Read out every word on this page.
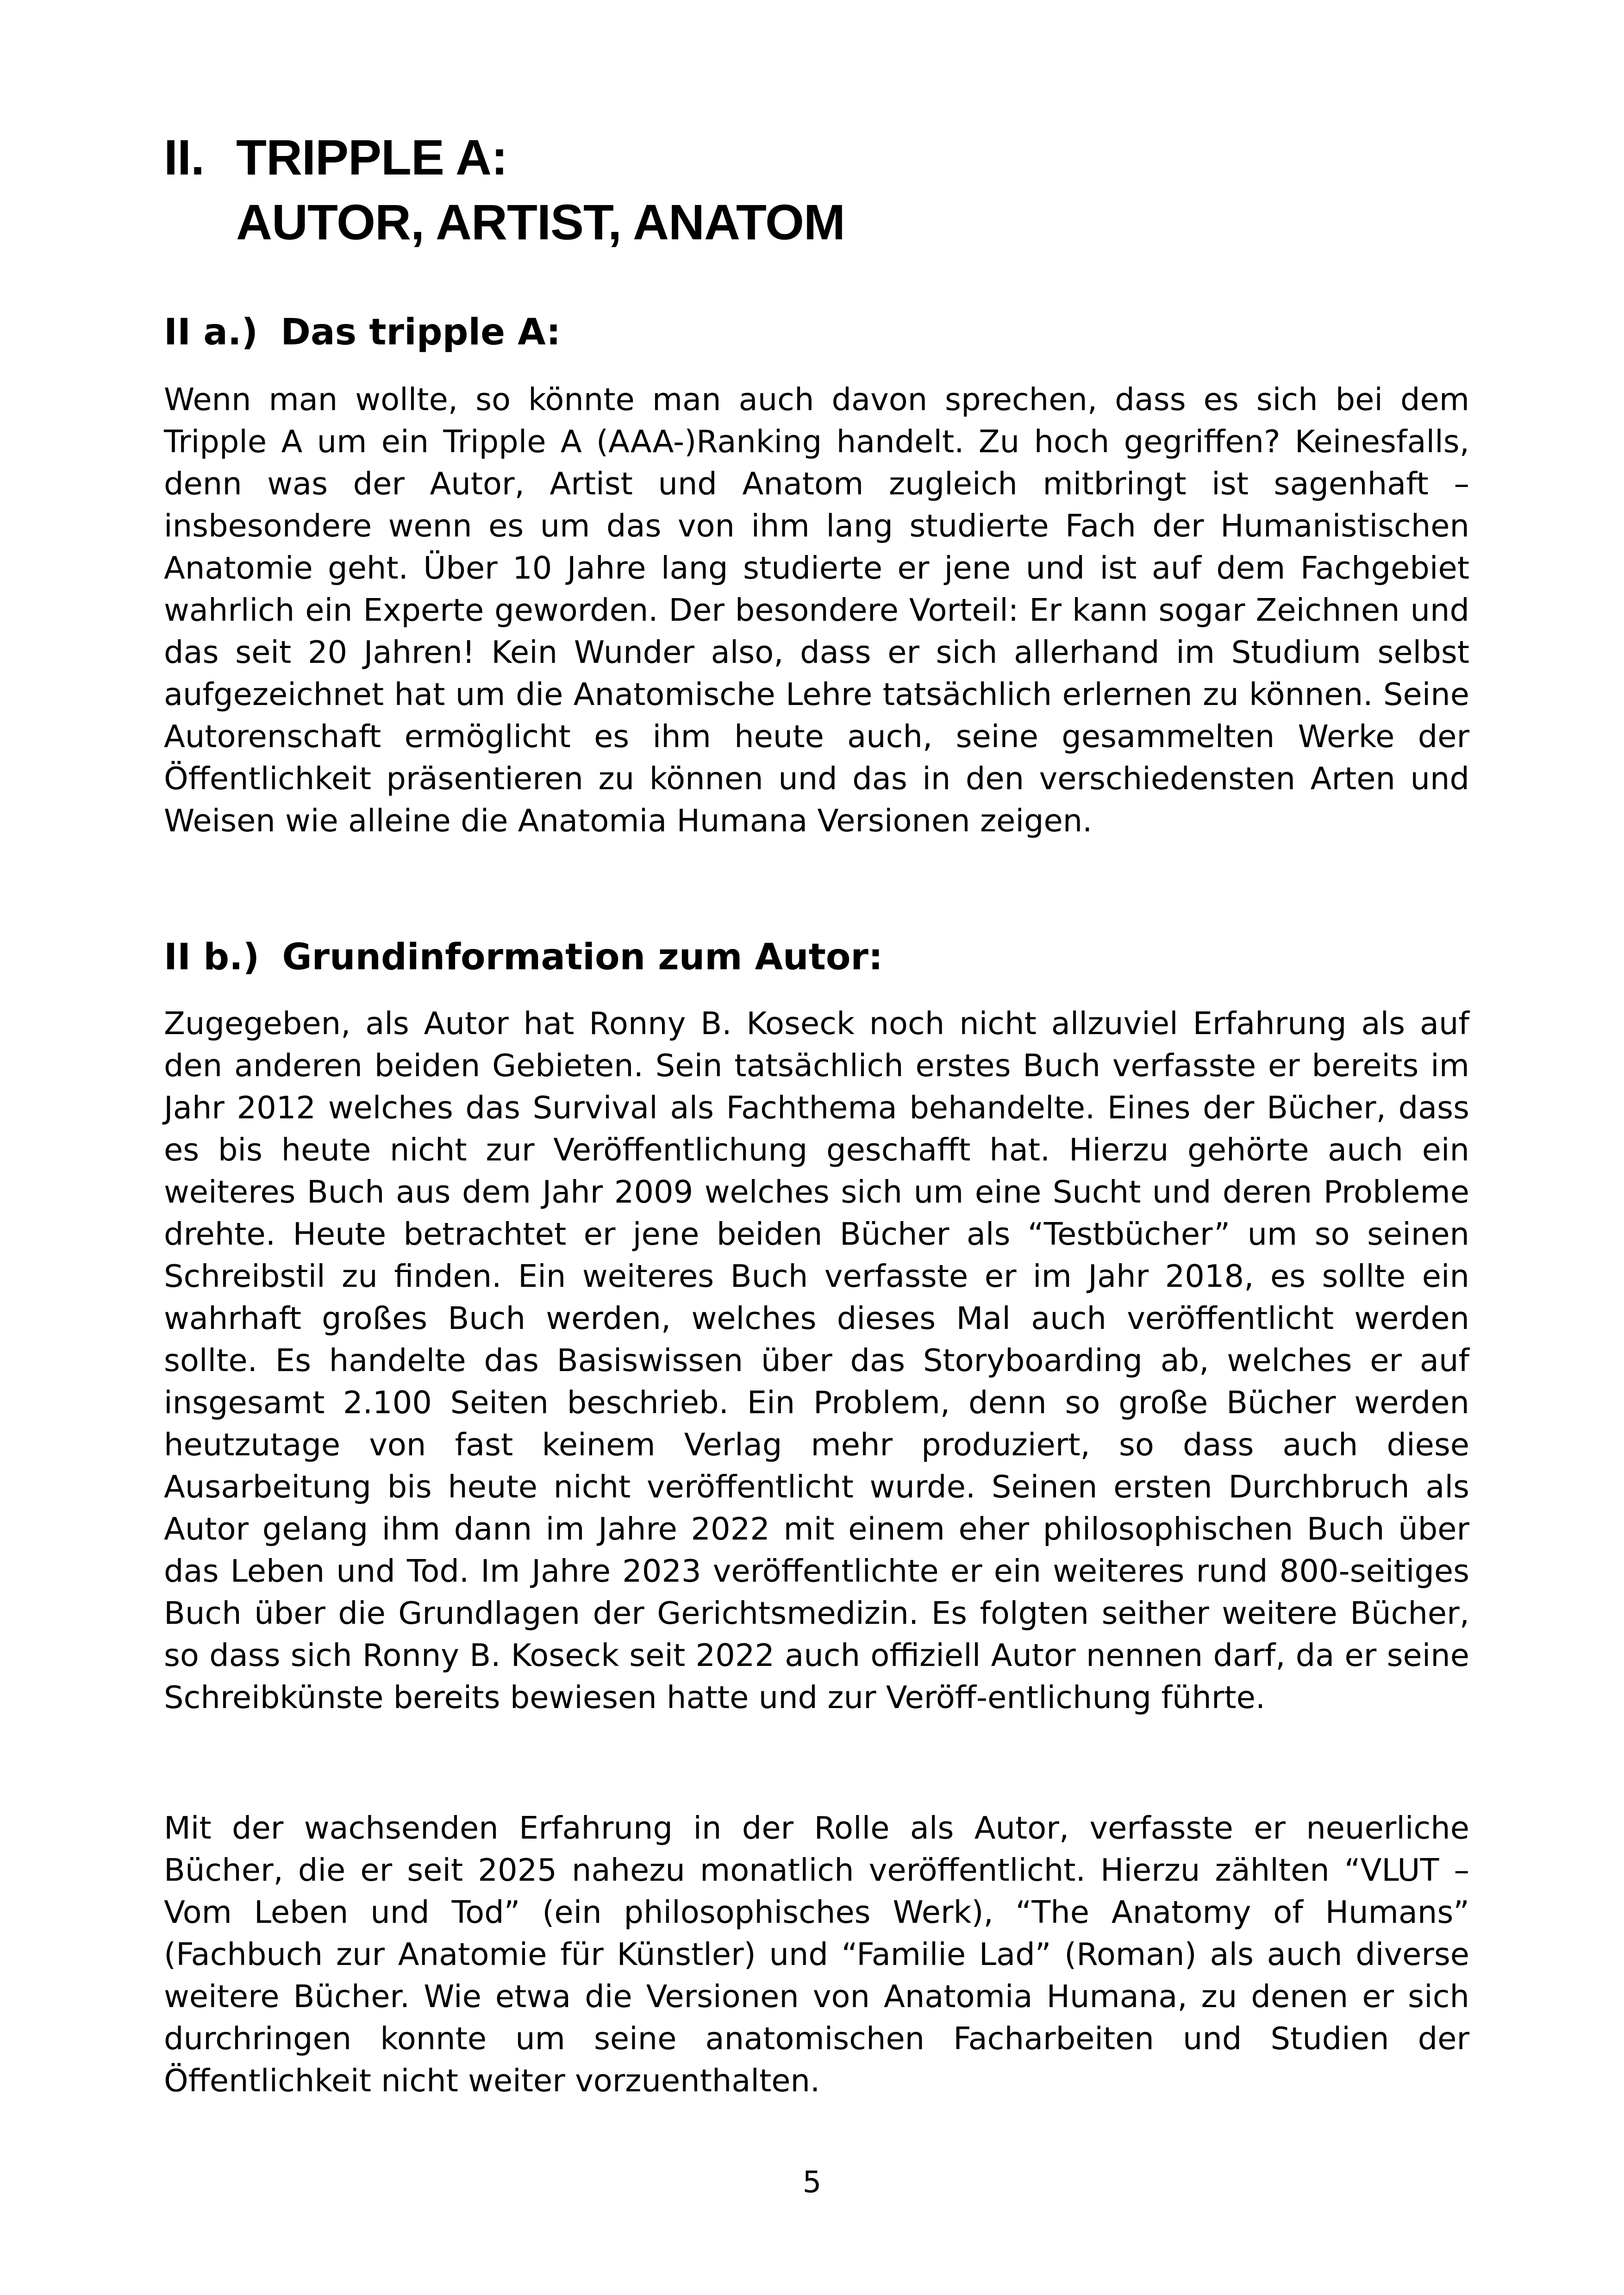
II. TRIPPLE A:
AUTOR, ARTIST, ANATOM
II a.) Das tripple A:

Wenn man wollte, so könnte man auch davon sprechen, dass es sich bei dem Tripple A um ein Tripple A (AAA-)Ranking handelt. Zu hoch gegriffen? Keinesfalls, denn was der Autor, Artist und Anatom zugleich mitbringt ist sagenhaft – insbesondere wenn es um das von ihm lang studierte Fach der Humanistischen Anatomie geht. Über 10 Jahre lang studierte er jene und ist auf dem Fachgebiet wahrlich ein Experte geworden. Der besondere Vorteil: Er kann sogar Zeichnen und das seit 20 Jahren! Kein Wunder also, dass er sich allerhand im Studium selbst aufgezeichnet hat um die Anatomische Lehre tatsächlich erlernen zu können. Seine Autorenschaft ermöglicht es ihm heute auch, seine gesammelten Werke der Öffentlichkeit präsentieren zu können und das in den verschiedensten Arten und Weisen wie alleine die Anatomia Humana Versionen zeigen.

II b.) Grundinformation zum Autor:

Zugegeben, als Autor hat Ronny B. Koseck noch nicht allzuviel Erfahrung als auf den anderen beiden Gebieten. Sein tatsächlich erstes Buch verfasste er bereits im Jahr 2012 welches das Survival als Fachthema behandelte. Eines der Bücher, dass es bis heute nicht zur Veröffentlichung geschafft hat. Hierzu gehörte auch ein weiteres Buch aus dem Jahr 2009 welches sich um eine Sucht und deren Probleme drehte. Heute betrachtet er jene beiden Bücher als “Testbücher” um so seinen Schreibstil zu finden. Ein weiteres Buch verfasste er im Jahr 2018, es sollte ein wahrhaft großes Buch werden, welches dieses Mal auch veröffentlicht werden sollte. Es handelte das Basiswissen über das Storyboarding ab, welches er auf insgesamt 2.100 Seiten beschrieb. Ein Problem, denn so große Bücher werden heutzutage von fast keinem Verlag mehr produziert, so dass auch diese Ausarbeitung bis heute nicht veröffentlicht wurde. Seinen ersten Durchbruch als Autor gelang ihm dann im Jahre 2022 mit einem eher philosophischen Buch über das Leben und Tod. Im Jahre 2023 veröffentlichte er ein weiteres rund 800-seitiges Buch über die Grundlagen der Gerichtsmedizin. Es folgten seither weitere Bücher, so dass sich Ronny B. Koseck seit 2022 auch offiziell Autor nennen darf, da er seine Schreibkünste bereits bewiesen hatte und zur Veröff-entlichung führte.

Mit der wachsenden Erfahrung in der Rolle als Autor, verfasste er neuerliche Bücher, die er seit 2025 nahezu monatlich veröffentlicht. Hierzu zählten “VLUT – Vom Leben und Tod” (ein philosophisches Werk), “The Anatomy of Humans” (Fachbuch zur Anatomie für Künstler) und “Familie Lad” (Roman) als auch diverse weitere Bücher. Wie etwa die Versionen von Anatomia Humana, zu denen er sich durchringen konnte um seine anatomischen Facharbeiten und Studien der Öffentlichkeit nicht weiter vorzuenthalten.

5
